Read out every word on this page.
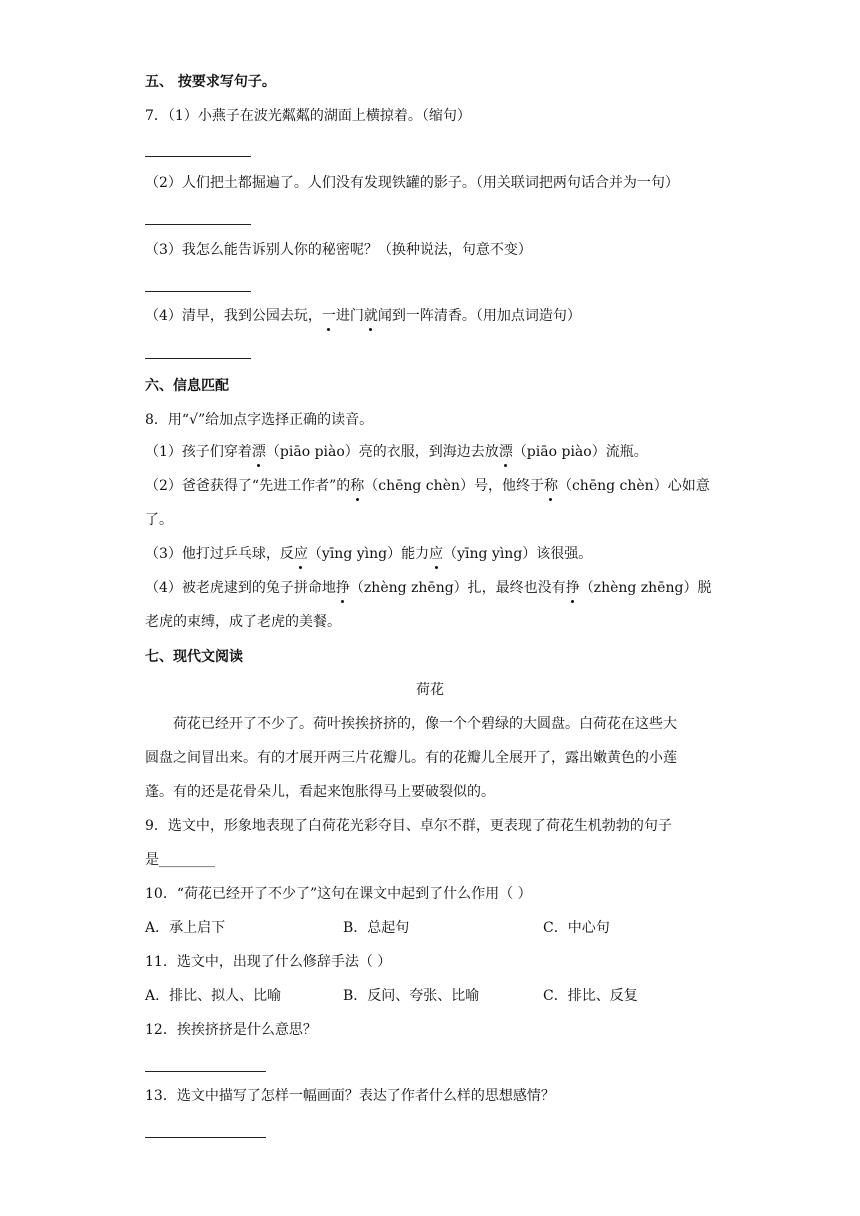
五、 按要求写句子。
7．（1）小燕子在波光粼粼的湖面上横掠着。（缩句）
（2）人们把土都掘遍了。人们没有发现铁罐的影子。（用关联词把两句话合并为一句）
（3）我怎么能告诉别人你的秘密呢？（换种说法，句意不变）
（4）清早，我到公园去玩，一进门就闻到一阵清香。（用加点词造句）
六、信息匹配
8．用“√”给加点字选择正确的读音。
（1）孩子们穿着漂（piāo piào）亮的衣服，到海边去放漂（piāo piào）流瓶。
（2）爸爸获得了“先进工作者”的称（chēng chèn）号，他终于称（chēng chèn）心如意
了。
（3）他打过乒乓球，反应（yīng yìng）能力应（yīng yìng）该很强。
（4）被老虎逮到的兔子拼命地挣（zhèng zhēng）扎，最终也没有挣（zhèng zhēng）脱
老虎的束缚，成了老虎的美餐。
七、现代文阅读
荷花
荷花已经开了不少了。荷叶挨挨挤挤的，像一个个碧绿的大圆盘。白荷花在这些大
圆盘之间冒出来。有的才展开两三片花瓣儿。有的花瓣儿全展开了，露出嫩黄色的小莲
蓬。有的还是花骨朵儿，看起来饱胀得马上要破裂似的。
9．选文中，形象地表现了白荷花光彩夺目、卓尔不群，更表现了荷花生机勃勃的句子
是________
10．“荷花已经开了不少了”这句在课文中起到了什么作用（ ）
A．承上启下	B．总起句	C．中心句
11．选文中，出现了什么修辞手法（ ）
A．排比、拟人、比喻	B．反问、夸张、比喻	C．排比、反复
12．挨挨挤挤是什么意思？
13．选文中描写了怎样一幅画面？表达了作者什么样的思想感情？
